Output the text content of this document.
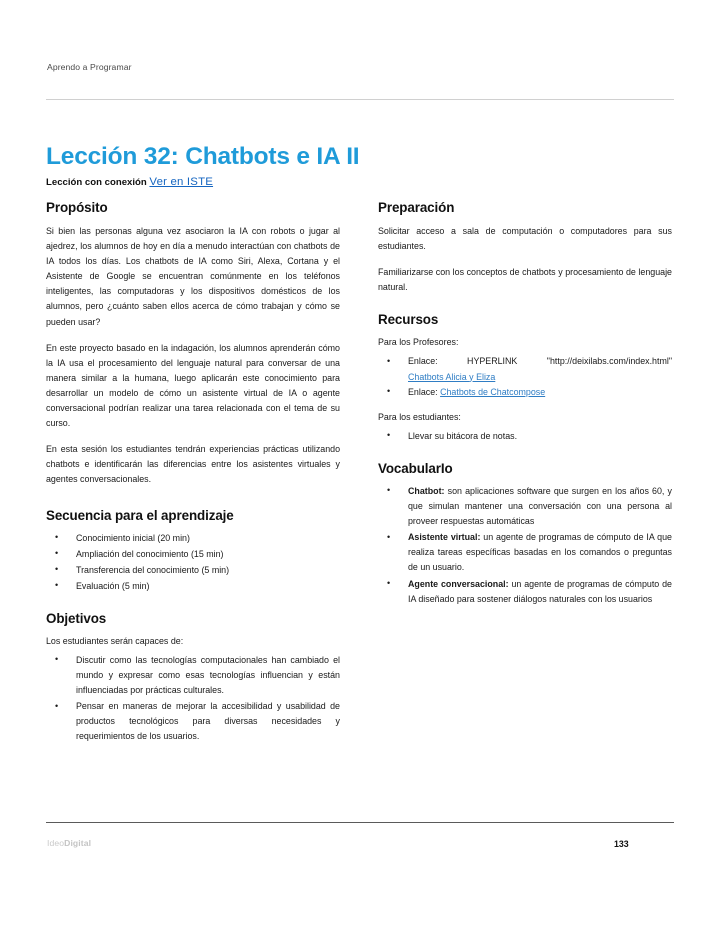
Aprendo a Programar
Lección 32: Chatbots e IA II
Lección con conexión Ver en ISTE
Propósito

Si bien las personas alguna vez asociaron la IA con robots o jugar al ajedrez, los alumnos de hoy en día a menudo interactúan con chatbots de IA todos los días. Los chatbots de IA como Siri, Alexa, Cortana y el Asistente de Google se encuentran comúnmente en los teléfonos inteligentes, las computadoras y los dispositivos domésticos de los alumnos, pero ¿cuánto saben ellos acerca de cómo trabajan y cómo se pueden usar?

En este proyecto basado en la indagación, los alumnos aprenderán cómo la IA usa el procesamiento del lenguaje natural para conversar de una manera similar a la humana, luego aplicarán este conocimiento para desarrollar un modelo de cómo un asistente virtual de IA o agente conversacional podrían realizar una tarea relacionada con el tema de su curso.

En esta sesión los estudiantes tendrán experiencias prácticas utilizando chatbots e identificarán las diferencias entre los asistentes virtuales y agentes conversacionales.

Secuencia para el aprendizaje
• Conocimiento inicial (20 min)
• Ampliación del conocimiento (15 min)
• Transferencia del conocimiento (5 min)
• Evaluación (5 min)
Objetivos

Los estudiantes serán capaces de:

• Discutir como las tecnologías computacionales han cambiado el mundo y expresar como esas tecnologías influencian y están influenciadas por prácticas culturales.
• Pensar en maneras de mejorar la accesibilidad y usabilidad de productos tecnológicos para diversas necesidades y requerimientos de los usuarios.
Preparación

Solicitar acceso a sala de computación o computadores para sus estudiantes.

Familiarizarse con los conceptos de chatbots y procesamiento de lenguaje natural.

Recursos

Para los Profesores:

• Enlace:	HYPERLINK	"http://deixilabs.com/index.html"
Chatbots Alicia y Eliza
• Enlace: Chatbots de Chatcompose

Para los estudiantes:

• Llevar su bitácora de notas.
VocabularIo
• Chatbot: son aplicaciones software que surgen en los años 60, y que simulan mantener una conversación con una persona al proveer respuestas automáticas
• Asistente virtual: un agente de programas de cómputo de IA que realiza tareas específicas basadas en los comandos o preguntas de un usuario.
• Agente conversacional: un agente de programas de cómputo de IA diseñado para sostener diálogos naturales con los usuarios
IdeoDigital	133
